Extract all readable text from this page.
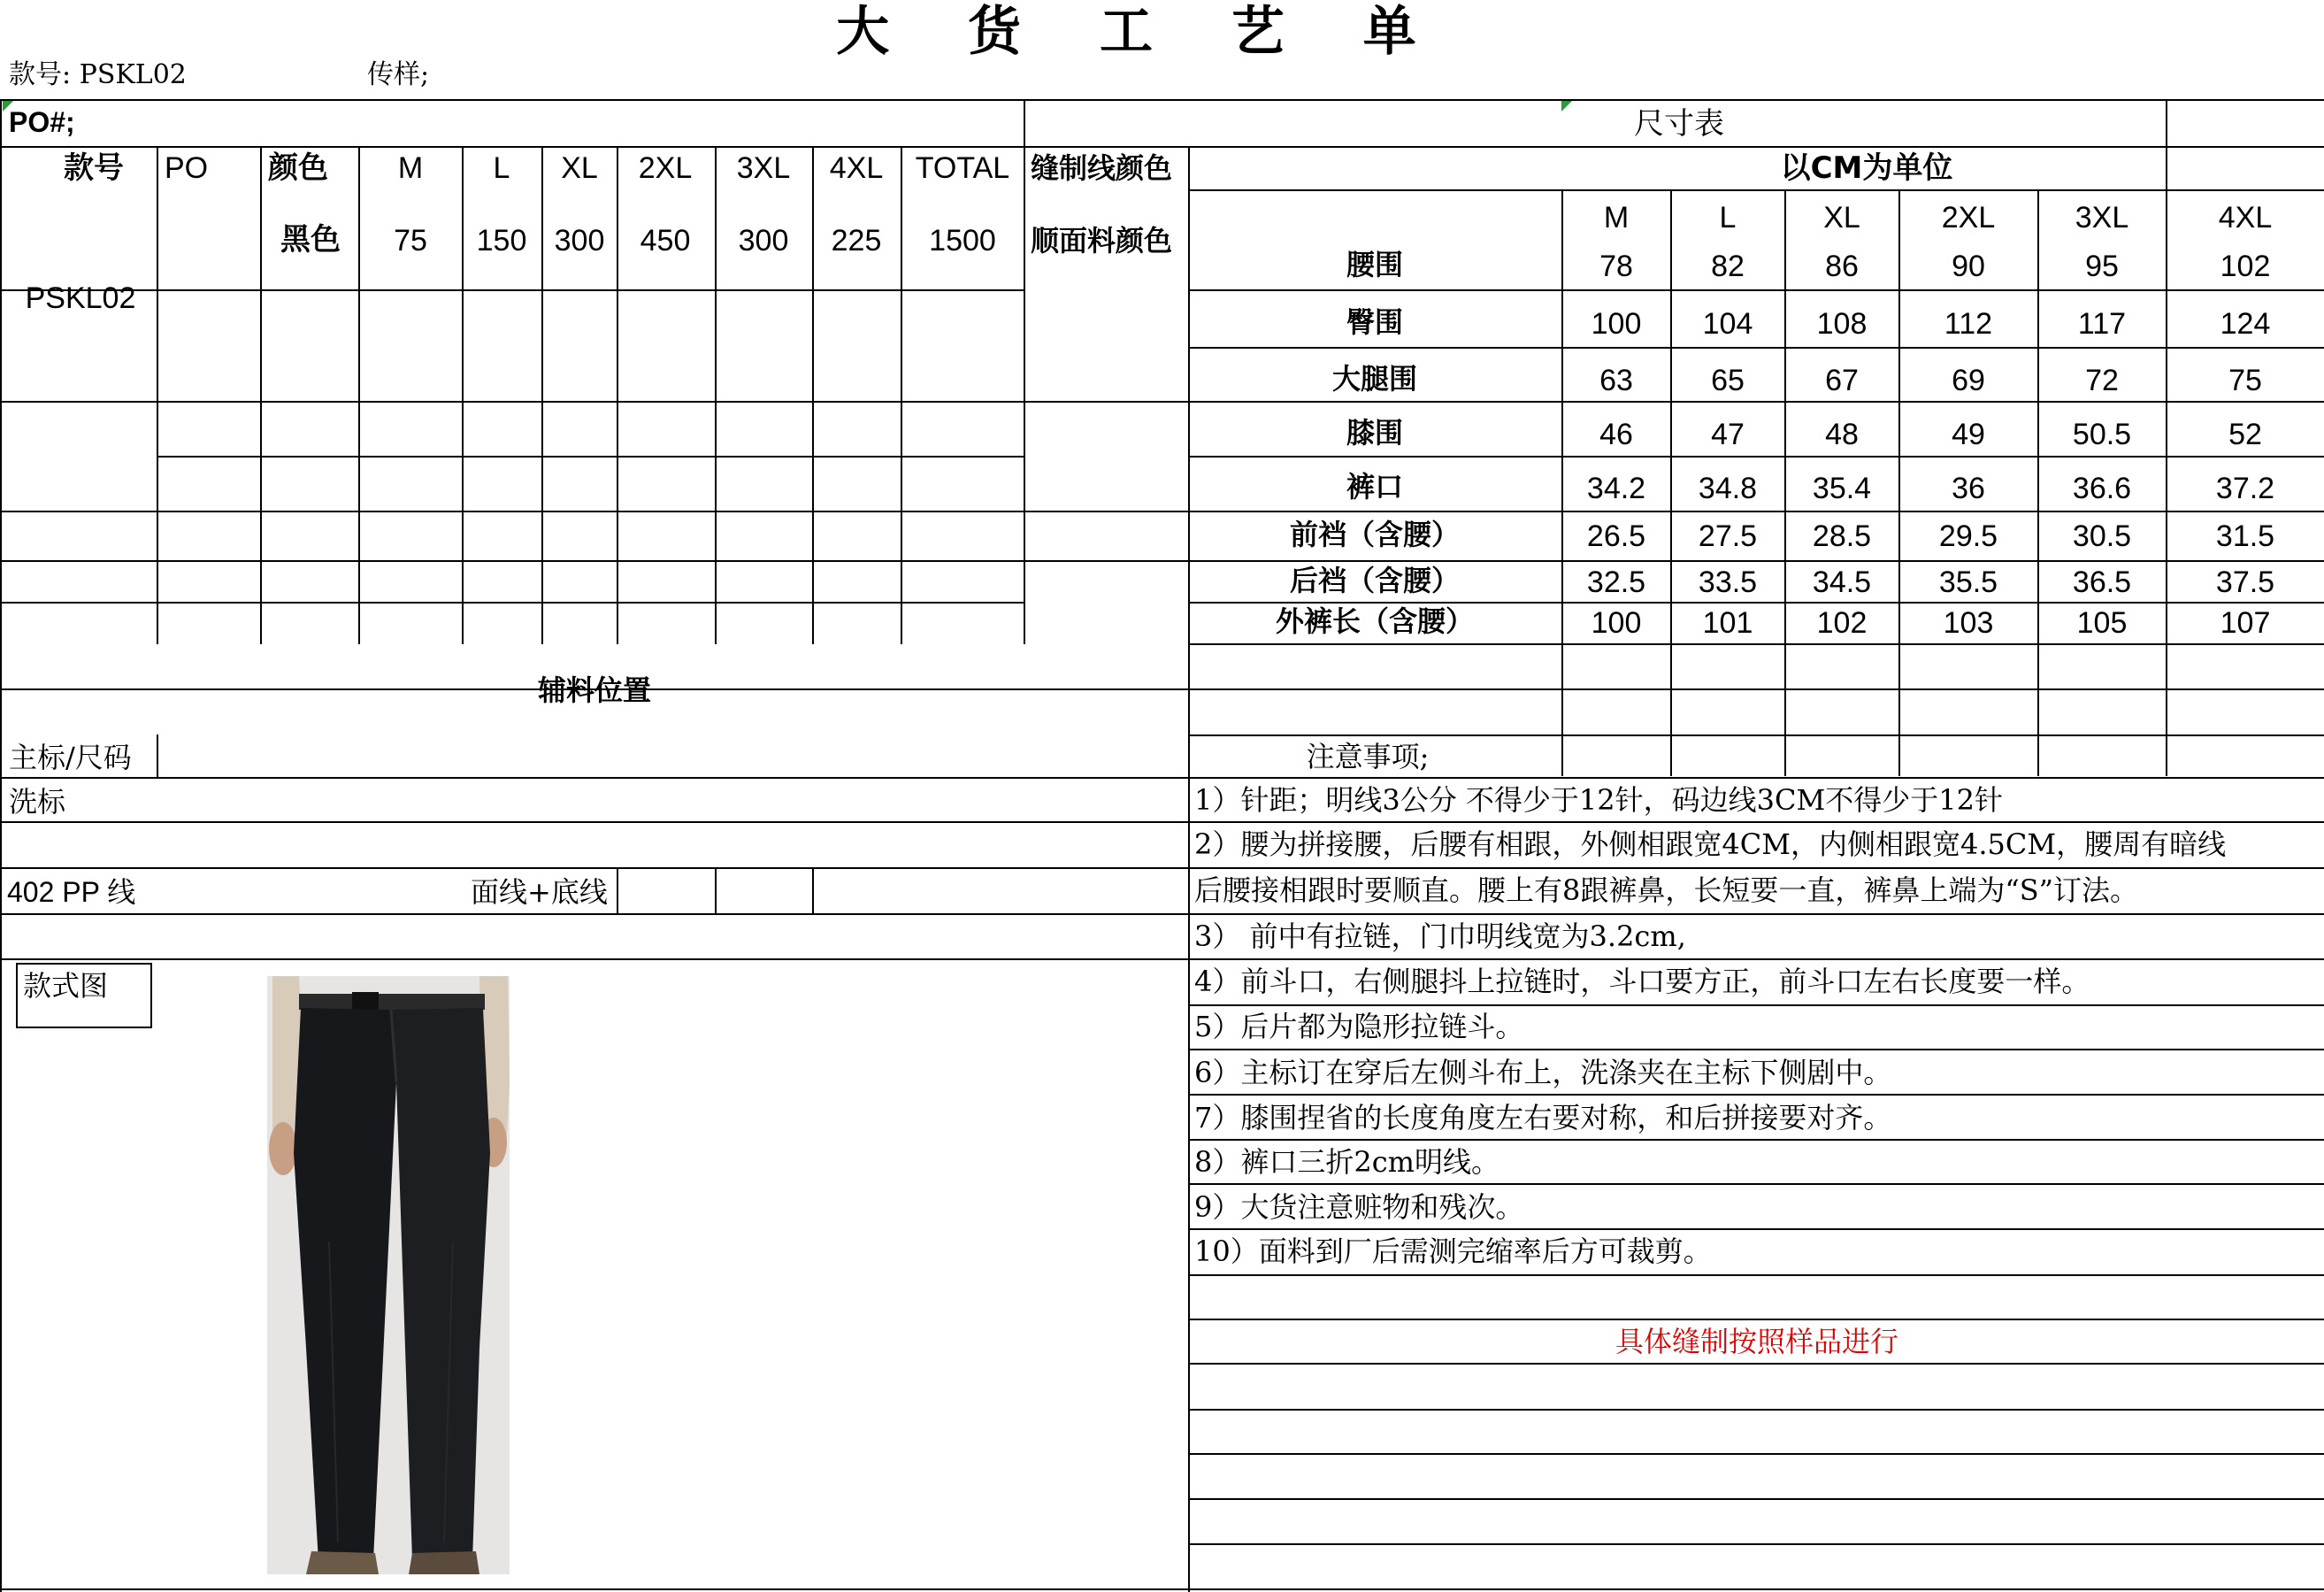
大 货 工 艺 单
款号: PSKL02	传样;
PO#;
款号 PO 颜色 M L XL 2XL 3XL 4XL TOTAL 缝制线颜色
PSKL02
黑色 75 150 300 450 300 225 1500 顺面料颜色
尺寸表
以CM为单位
M	L	XL	2XL	3XL	4XL
腰围	78	82	86	90	95	102
臀围	100 104 108	112	117	124
大腿围	63	65	67	69	72	75
膝围	46	47	48	49	50.5	52
裤口	34.2 34.8 35.4	36	36.6	37.2
前裆（含腰）	26.5 27.5 28.5 29.5 30.5	31.5
后裆（含腰）	32.5 33.5 34.5 35.5 36.5	37.5
外裤长（含腰）	100 101 102	103	105	107
辅料位置
主标/尺码
洗标
402 PP 线	面线+底线
款式图
注意事项;
1）针距；明线3公分 不得少于12针，码边线3CM不得少于12针
2）腰为拼接腰，后腰有相跟，外侧相跟宽4CM，内侧相跟宽4.5CM，腰周有暗线
后腰接相跟时要顺直。腰上有8跟裤鼻，长短要一直，裤鼻上端为“S”订法。
3） 前中有拉链，门巾明线宽为3.2cm,
4）前斗口，右侧腿抖上拉链时，斗口要方正，前斗口左右长度要一样。
5）后片都为隐形拉链斗。
6）主标订在穿后左侧斗布上，洗涤夹在主标下侧剧中。
7）膝围捏省的长度角度左右要对称，和后拼接要对齐。
8）裤口三折2cm明线。
9）大货注意赃物和残次。
10）面料到厂后需测完缩率后方可裁剪。
具体缝制按照样品进行
